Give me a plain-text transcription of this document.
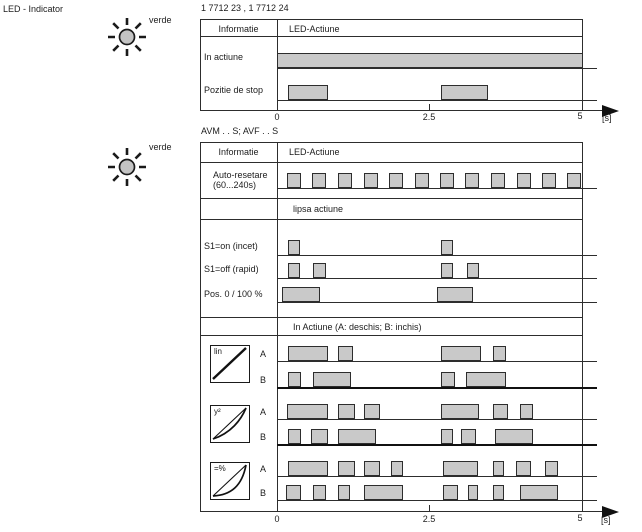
LED - Indicator
verde
1 7712 23 , 1 7712 24
Informatie	LED-Actiune
In actiune
Pozitie de stop
0	2.5	5	[s]
verde
AVM . . S; AVF . . S
Informatie	LED-Actiune
Auto-resetare
(60...240s)
lipsa actiune
S1=on (incet)
S1=off (rapid)
Pos. 0 / 100 %
In Actiune (A: deschis; B: inchis)
lin	A
B
y²	A
B
=%	A
B
0	2.5	5	[s]
